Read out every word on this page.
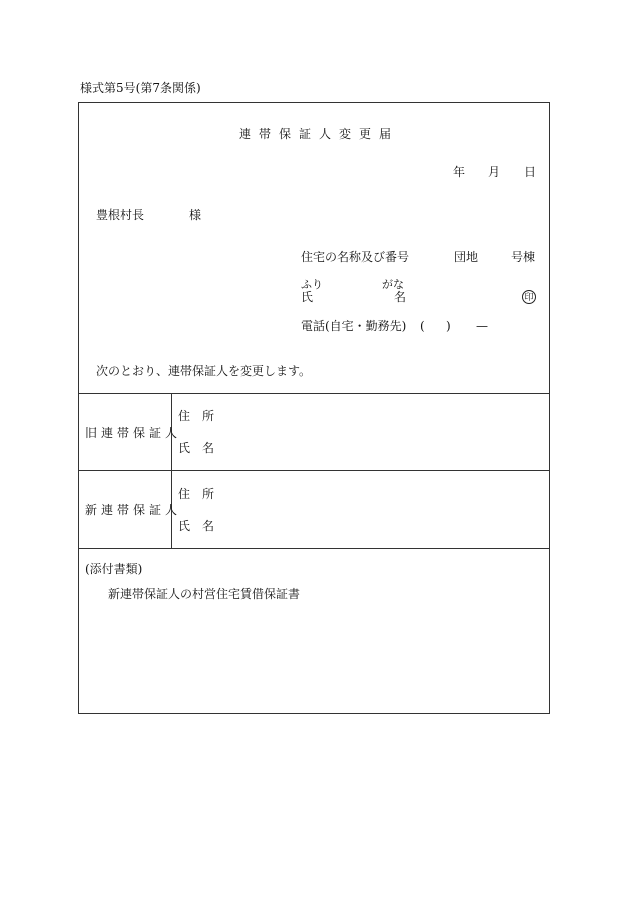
様式第5号(第7条関係)
連帯保証人変更届
年 月 日
豊根村長	様
住宅の名称及び番号	団地	号棟
ふり	がな
氏	名	印
電話(自宅・勤務先) ( ) —
次のとおり、連帯保証人を変更します。
旧連帯保証人
住　所
氏　名
新連帯保証人
住　所
氏　名
(添付書類)
新連帯保証人の村営住宅賃借保証書
